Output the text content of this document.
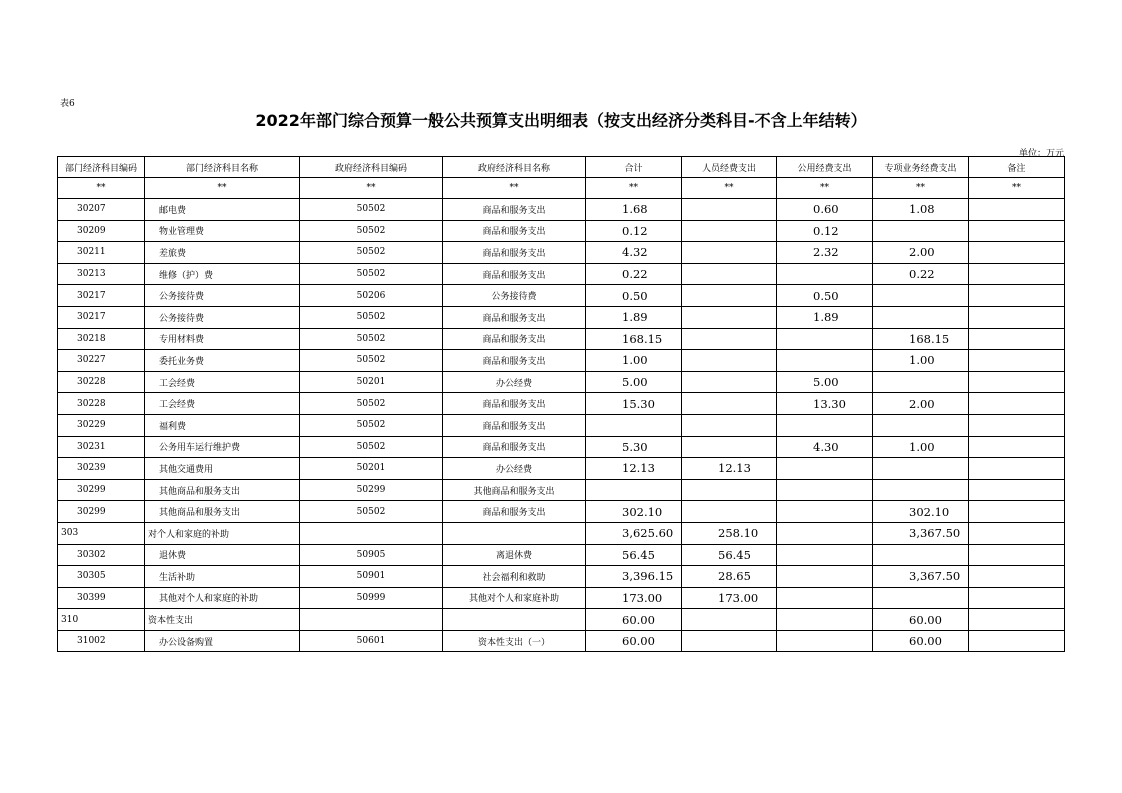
表6
2022年部门综合预算一般公共预算支出明细表（按支出经济分类科目-不含上年结转）
单位：万元
部门经济科目编码	部门经济科目名称	政府经济科目编码	政府经济科目名称	合计	人员经费支出	公用经费支出	专项业务经费支出	备注
**	**	**	**	**	**	**	**	**
30207	邮电费	50502	商品和服务支出	1.68		0.60	1.08	
30209	物业管理费	50502	商品和服务支出	0.12		0.12		
30211	差旅费	50502	商品和服务支出	4.32		2.32	2.00	
30213	维修（护）费	50502	商品和服务支出	0.22			0.22	
30217	公务接待费	50206	公务接待费	0.50		0.50		
30217	公务接待费	50502	商品和服务支出	1.89		1.89		
30218	专用材料费	50502	商品和服务支出	168.15			168.15	
30227	委托业务费	50502	商品和服务支出	1.00			1.00	
30228	工会经费	50201	办公经费	5.00		5.00		
30228	工会经费	50502	商品和服务支出	15.30		13.30	2.00	
30229	福利费	50502	商品和服务支出					
30231	公务用车运行维护费	50502	商品和服务支出	5.30		4.30	1.00	
30239	其他交通费用	50201	办公经费	12.13	12.13			
30299	其他商品和服务支出	50299	其他商品和服务支出					
30299	其他商品和服务支出	50502	商品和服务支出	302.10			302.10	
303	对个人和家庭的补助			3,625.60	258.10		3,367.50	
30302	退休费	50905	离退休费	56.45	56.45			
30305	生活补助	50901	社会福利和救助	3,396.15	28.65		3,367.50	
30399	其他对个人和家庭的补助	50999	其他对个人和家庭补助	173.00	173.00			
310	资本性支出			60.00			60.00	
31002	办公设备购置	50601	资本性支出（一）	60.00			60.00	
